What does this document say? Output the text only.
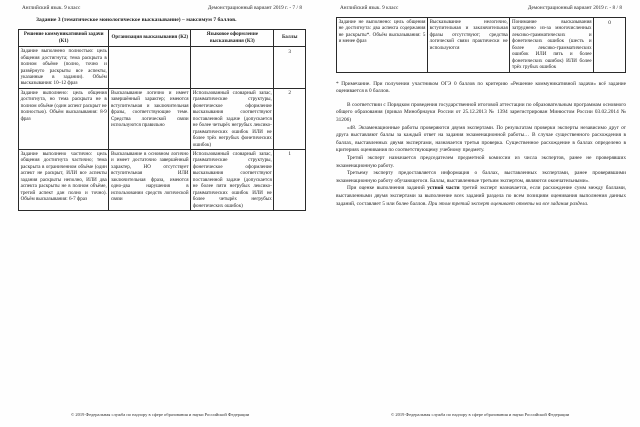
Английский язык. 9 класс	Демонстрационный вариант 2019 г. - 7 / 8
Задание 3 (тематическое монологическое высказывание) – максимум 7 баллов.
Решение коммуникативной задачи (К1)	Организация высказывания (К2)	Языковое оформление высказывания (К3)	Баллы
Задание выполнено полностью: цель общения достигнута; тема раскрыта в полном объёме (полно, точно и развёрнуто раскрыты все аспекты, указанные в задании). Объём высказывания: 10–12 фраз			3
Задание выполнено: цель общения достигнута, но тема раскрыта не в полном объёме (один аспект раскрыт не полностью). Объём высказывания: 8-9 фраз	Высказывание логично и имеет завершённый характер; имеются вступительная и заключительная фразы, соответствующие теме. Средства логической связи используются правильно	Использованный словарный запас, грамматические структуры, фонетическое оформление высказывания соответствуют поставленной задаче (допускается не более четырёх негрубых лексико-грамматических ошибок ИЛИ не более трёх негрубых фонетических ошибок)	2
Задание выполнено частично: цель общения достигнута частично; тема раскрыта в ограниченном объёме (один аспект не раскрыт, ИЛИ все аспекты задания раскрыты неполно, ИЛИ два аспекта раскрыты не в полном объёме, третий аспект дан полно и точно). Объём высказывания: 6-7 фраз	Высказывание в основном логично и имеет достаточно завершённый характер, НО отсутствует вступительная ИЛИ заключительная фраза, имеются одно-два нарушения в использовании средств логической связи	Использованный словарный запас, грамматические структуры, фонетическое оформление высказывания соответствуют поставленной задаче (допускается не более пяти негрубых лексико-грамматических ошибок ИЛИ не более четырёх негрубых фонетических ошибок)	1
© 2019 Федеральная служба по надзору в сфере образования и науки Российской Федерации
Английский язык. 9 класс	Демонстрационный вариант 2019 г. - 8 / 8
Задание не выполнено: цель общения не достигнута: два аспекта содержания не раскрыты*. Объём высказывания: 5 и менее фраз	Высказывание нелогично, вступительная и заключительная фразы отсутствуют; средства логической связи практически не используются	Понимание высказывания затруднено из-за многочисленных лексико-грамматических и фонетических ошибок (шесть и более лексико-грамматических ошибок ИЛИ пять и более фонетических ошибок) ИЛИ более трёх грубых ошибок	0

* Примечание. При получении участником ОГЭ 0 баллов по критерию «Решение коммуникативной задачи» всё задание оценивается в 0 баллов.

В соответствии с Порядком проведения государственной итоговой аттестации по образовательным программам основного общего образования (приказ Минобрнауки России от 25.12.2013 № 1394 зарегистрирован Минюстом России 03.02.2014 № 31206)

«48. Экзаменационные работы проверяются двумя экспертами. По результатам проверки эксперты независимо друг от друга выставляют баллы за каждый ответ на задания экзаменационной работы… В случае существенного расхождения в баллах, выставленных двумя экспертами, назначается третья проверка. Существенное расхождение в баллах определено в критериях оценивания по соответствующему учебному предмету.

Третий эксперт назначается председателем предметной комиссии из числа экспертов, ранее не проверявших экзаменационную работу.

Третьему эксперту предоставляется информация о баллах, выставленных экспертами, ранее проверявшими экзаменационную работу обучающегося. Баллы, выставленные третьим экспертом, являются окончательными».

При оценке выполнения заданий устной части третий эксперт назначается, если расхождение сумм между баллами, выставленными двумя экспертами за выполнение всех заданий раздела по всем позициям оценивания выполнения данных заданий, составляет 5 или более баллов. При этом третий эксперт оценивает ответы на все задания раздела.

© 2019 Федеральная служба по надзору в сфере образования и науки Российской Федерации
